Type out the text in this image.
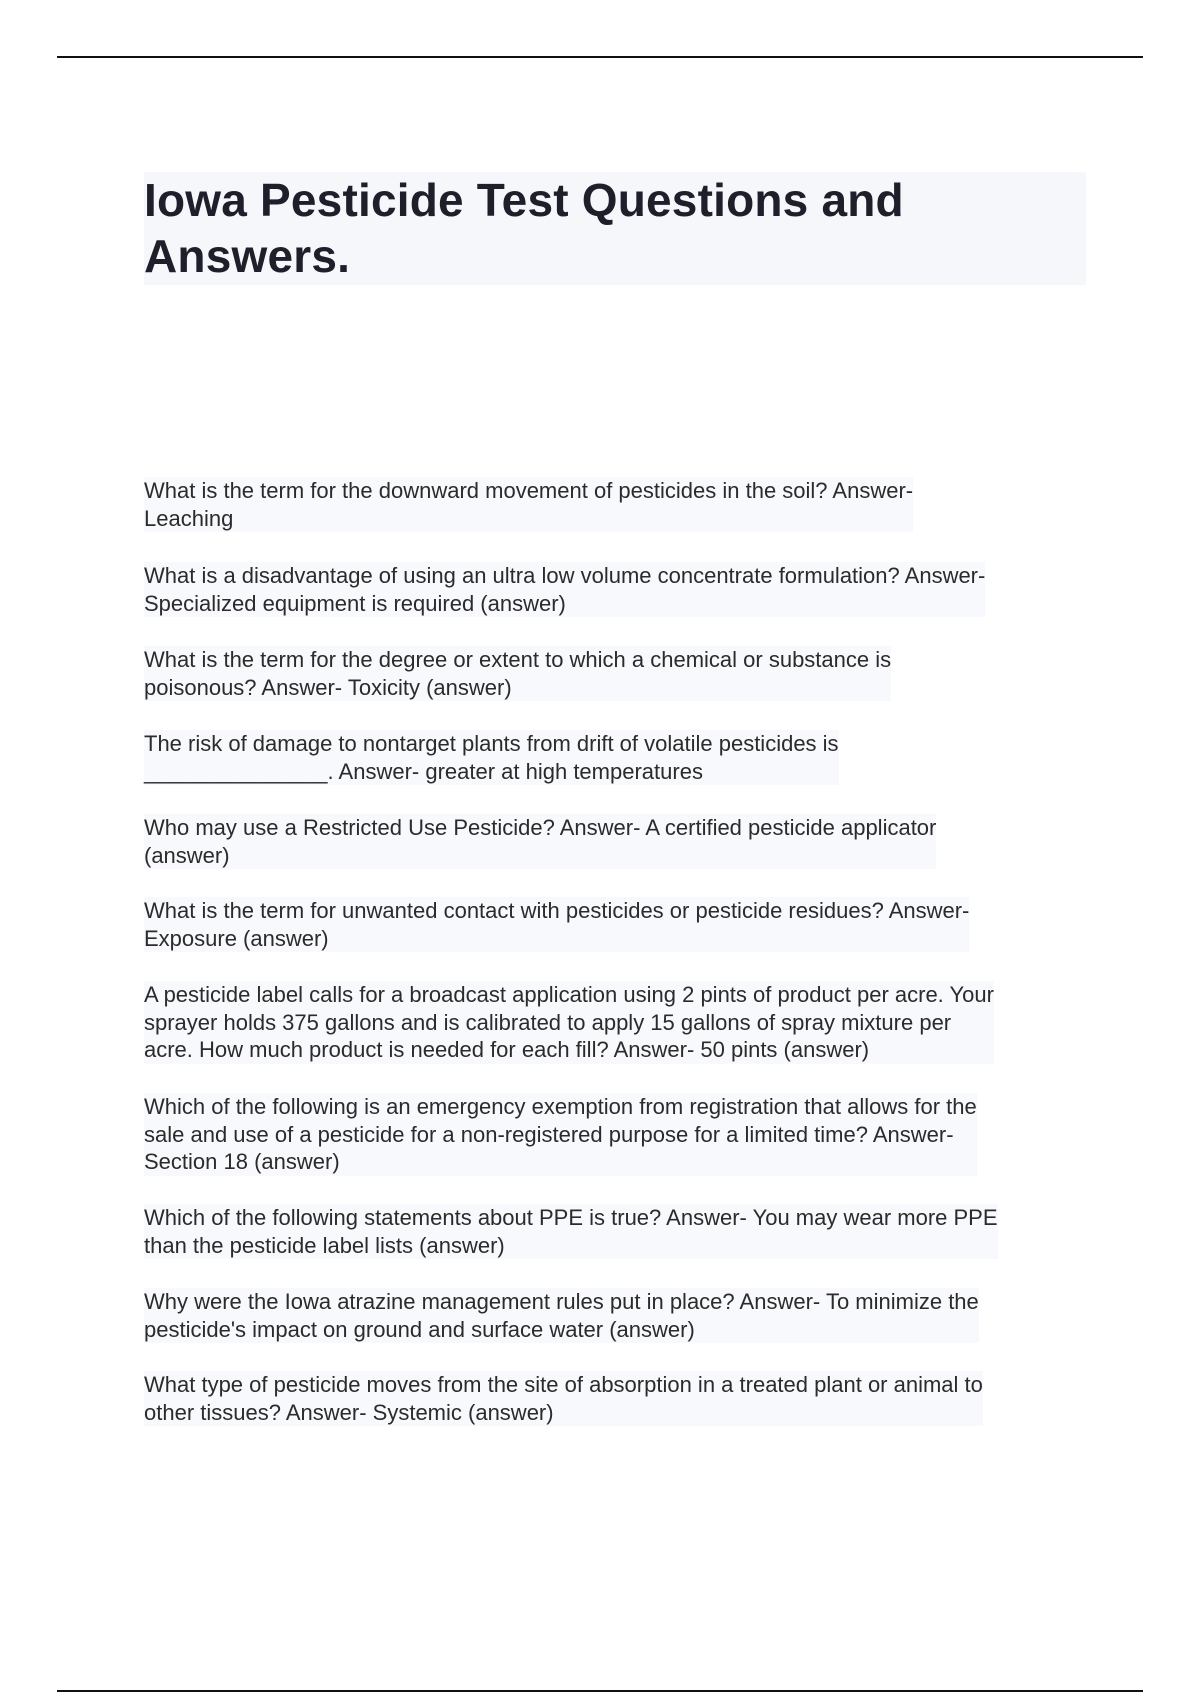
Iowa Pesticide Test Questions and
Answers.
What is the term for the downward movement of pesticides in the soil? Answer-
Leaching
What is a disadvantage of using an ultra low volume concentrate formulation? Answer-
Specialized equipment is required (answer)
What is the term for the degree or extent to which a chemical or substance is
poisonous? Answer- Toxicity (answer)
The risk of damage to nontarget plants from drift of volatile pesticides is
_______________. Answer- greater at high temperatures
Who may use a Restricted Use Pesticide? Answer- A certified pesticide applicator
(answer)
What is the term for unwanted contact with pesticides or pesticide residues? Answer-
Exposure (answer)
A pesticide label calls for a broadcast application using 2 pints of product per acre. Your
sprayer holds 375 gallons and is calibrated to apply 15 gallons of spray mixture per
acre. How much product is needed for each fill? Answer- 50 pints (answer)
Which of the following is an emergency exemption from registration that allows for the
sale and use of a pesticide for a non-registered purpose for a limited time? Answer-
Section 18 (answer)
Which of the following statements about PPE is true? Answer- You may wear more PPE
than the pesticide label lists (answer)
Why were the Iowa atrazine management rules put in place? Answer- To minimize the
pesticide's impact on ground and surface water (answer)
What type of pesticide moves from the site of absorption in a treated plant or animal to
other tissues? Answer- Systemic (answer)
